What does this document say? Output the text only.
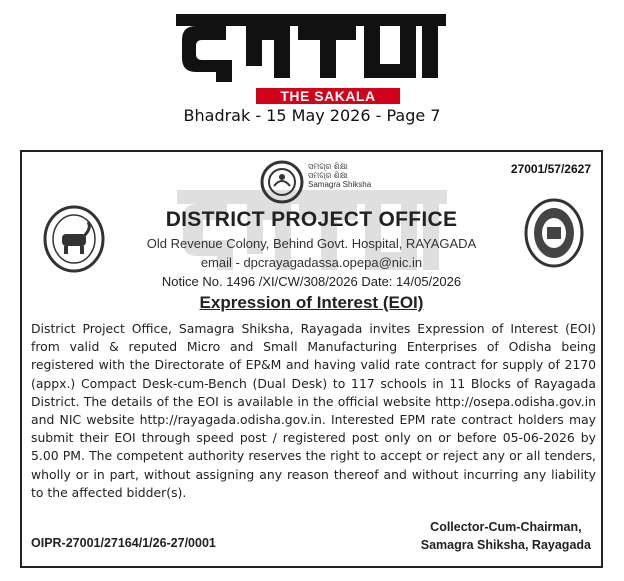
THE SAKALA
Bhadrak - 15 May 2026 - Page 7
27001/57/2627
ସମଗ୍ର ଶିକ୍ଷା
ସମଗ୍ର ଶିକ୍ଷା
Samagra Shiksha
DISTRICT PROJECT OFFICE
Old Revenue Colony, Behind Govt. Hospital, RAYAGADA
email - dpcrayagadassa.opepa@nic.in
Notice No. 1496 /XI/CW/308/2026 Date: 14/05/2026
Expression of Interest (EOI)
District Project Office, Samagra Shiksha, Rayagada invites Expression of Interest (EOI) from valid & reputed Micro and Small Manufacturing Enterprises of Odisha being registered with the Directorate of EP&M and having valid rate contract for supply of 2170 (appx.) Compact Desk-cum-Bench (Dual Desk) to 117 schools in 11 Blocks of Rayagada District. The details of the EOI is available in the official website http://osepa.odisha.gov.in and NIC website http://rayagada.odisha.gov.in. Interested EPM rate contract holders may submit their EOI through speed post / registered post only on or before 05-06-2026 by 5.00 PM. The competent authority reserves the right to accept or reject any or all tenders, wholly or in part, without assigning any reason thereof and without incurring any liability to the affected bidder(s).
OIPR-27001/27164/1/26-27/0001
Collector-Cum-Chairman,
Samagra Shiksha, Rayagada
